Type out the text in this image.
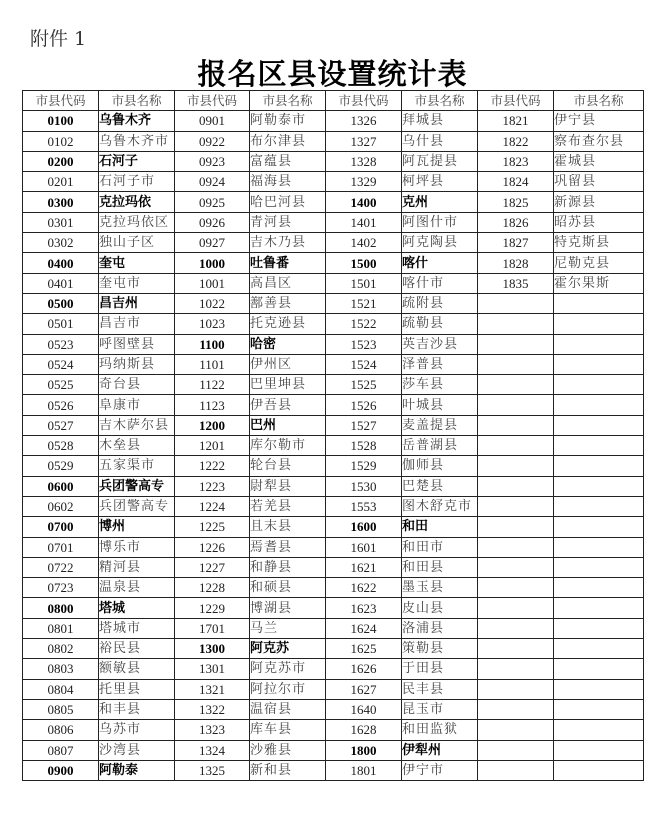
附件 1
报名区县设置统计表
市县代码	市县名称	市县代码	市县名称	市县代码	市县名称	市县代码	市县名称
0100	乌鲁木齐	0901	阿勒泰市	1326	拜城县	1821	伊宁县
0102	乌鲁木齐市	0922	布尔津县	1327	乌什县	1822	察布查尔县
0200	石河子	0923	富蕴县	1328	阿瓦提县	1823	霍城县
0201	石河子市	0924	福海县	1329	柯坪县	1824	巩留县
0300	克拉玛依	0925	哈巴河县	1400	克州	1825	新源县
0301	克拉玛依区	0926	青河县	1401	阿图什市	1826	昭苏县
0302	独山子区	0927	吉木乃县	1402	阿克陶县	1827	特克斯县
0400	奎屯	1000	吐鲁番	1500	喀什	1828	尼勒克县
0401	奎屯市	1001	高昌区	1501	喀什市	1835	霍尔果斯
0500	昌吉州	1022	鄯善县	1521	疏附县		
0501	昌吉市	1023	托克逊县	1522	疏勒县		
0523	呼图壁县	1100	哈密	1523	英吉沙县		
0524	玛纳斯县	1101	伊州区	1524	泽普县		
0525	奇台县	1122	巴里坤县	1525	莎车县		
0526	阜康市	1123	伊吾县	1526	叶城县		
0527	吉木萨尔县	1200	巴州	1527	麦盖提县		
0528	木垒县	1201	库尔勒市	1528	岳普湖县		
0529	五家渠市	1222	轮台县	1529	伽师县		
0600	兵团警高专	1223	尉犁县	1530	巴楚县		
0602	兵团警高专	1224	若羌县	1553	图木舒克市		
0700	博州	1225	且末县	1600	和田		
0701	博乐市	1226	焉耆县	1601	和田市		
0722	精河县	1227	和静县	1621	和田县		
0723	温泉县	1228	和硕县	1622	墨玉县		
0800	塔城	1229	博湖县	1623	皮山县		
0801	塔城市	1701	马兰	1624	洛浦县		
0802	裕民县	1300	阿克苏	1625	策勒县		
0803	额敏县	1301	阿克苏市	1626	于田县		
0804	托里县	1321	阿拉尔市	1627	民丰县		
0805	和丰县	1322	温宿县	1640	昆玉市		
0806	乌苏市	1323	库车县	1628	和田监狱		
0807	沙湾县	1324	沙雅县	1800	伊犁州		
0900	阿勒泰	1325	新和县	1801	伊宁市		
